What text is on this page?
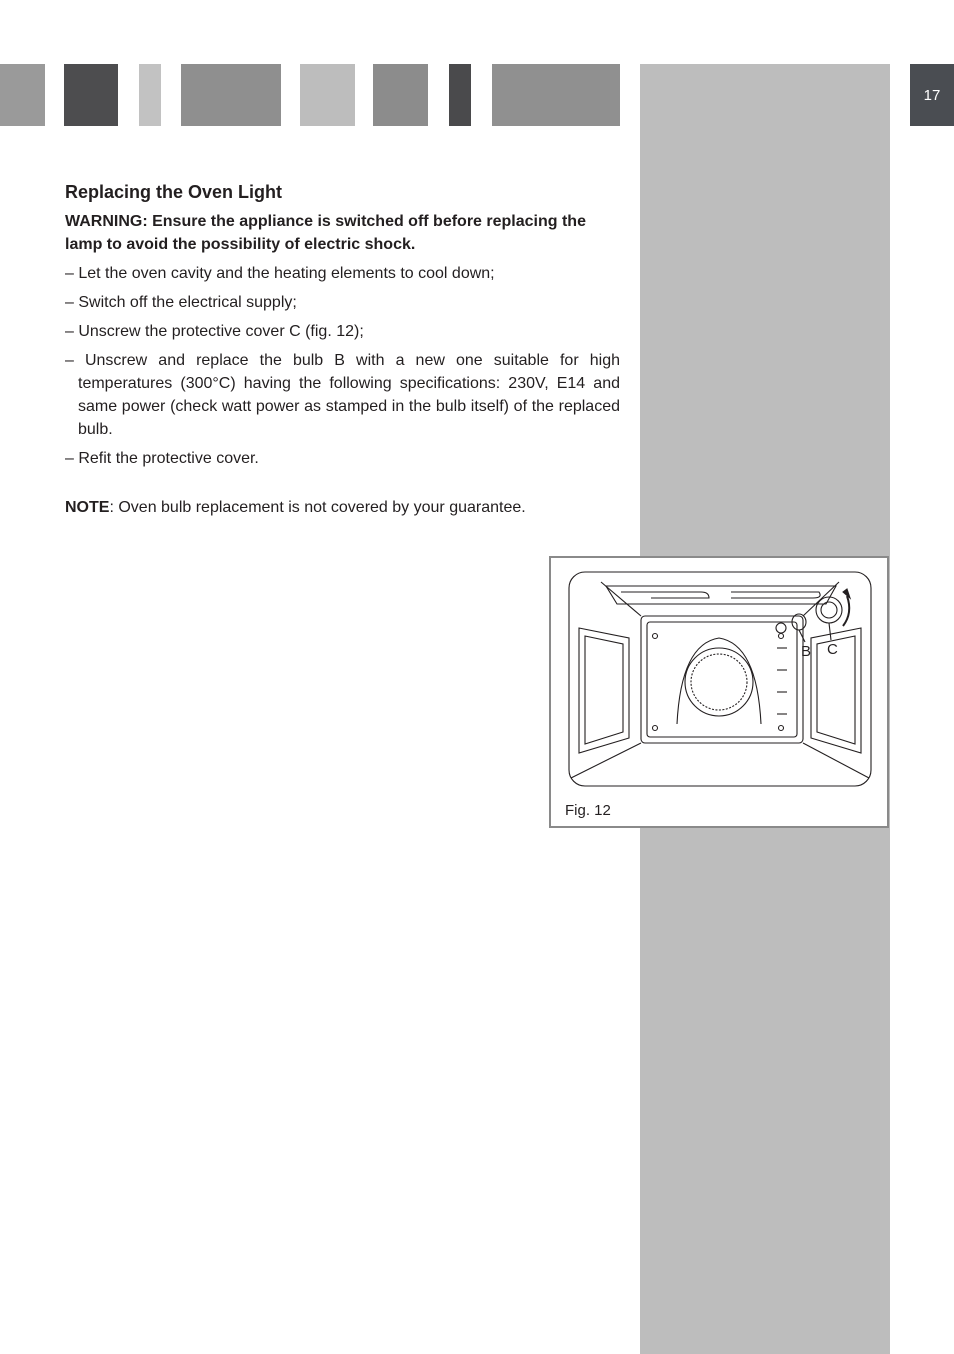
17
Replacing the Oven Light

WARNING: Ensure the appliance is switched off before replacing the lamp to avoid the possibility of electric shock.

– Let the oven cavity and the heating elements to cool down;
– Switch off the electrical supply;
– Unscrew the protective cover C (fig. 12);
– Unscrew and replace the bulb B with a new one suitable for high temperatures (300°C) having the following specifications: 230V, E14 and same power (check watt power as stamped in the bulb itself) of the replaced bulb.
– Refit the protective cover.

NOTE: Oven bulb replacement is not covered by your guarantee.

B C
Fig. 12
